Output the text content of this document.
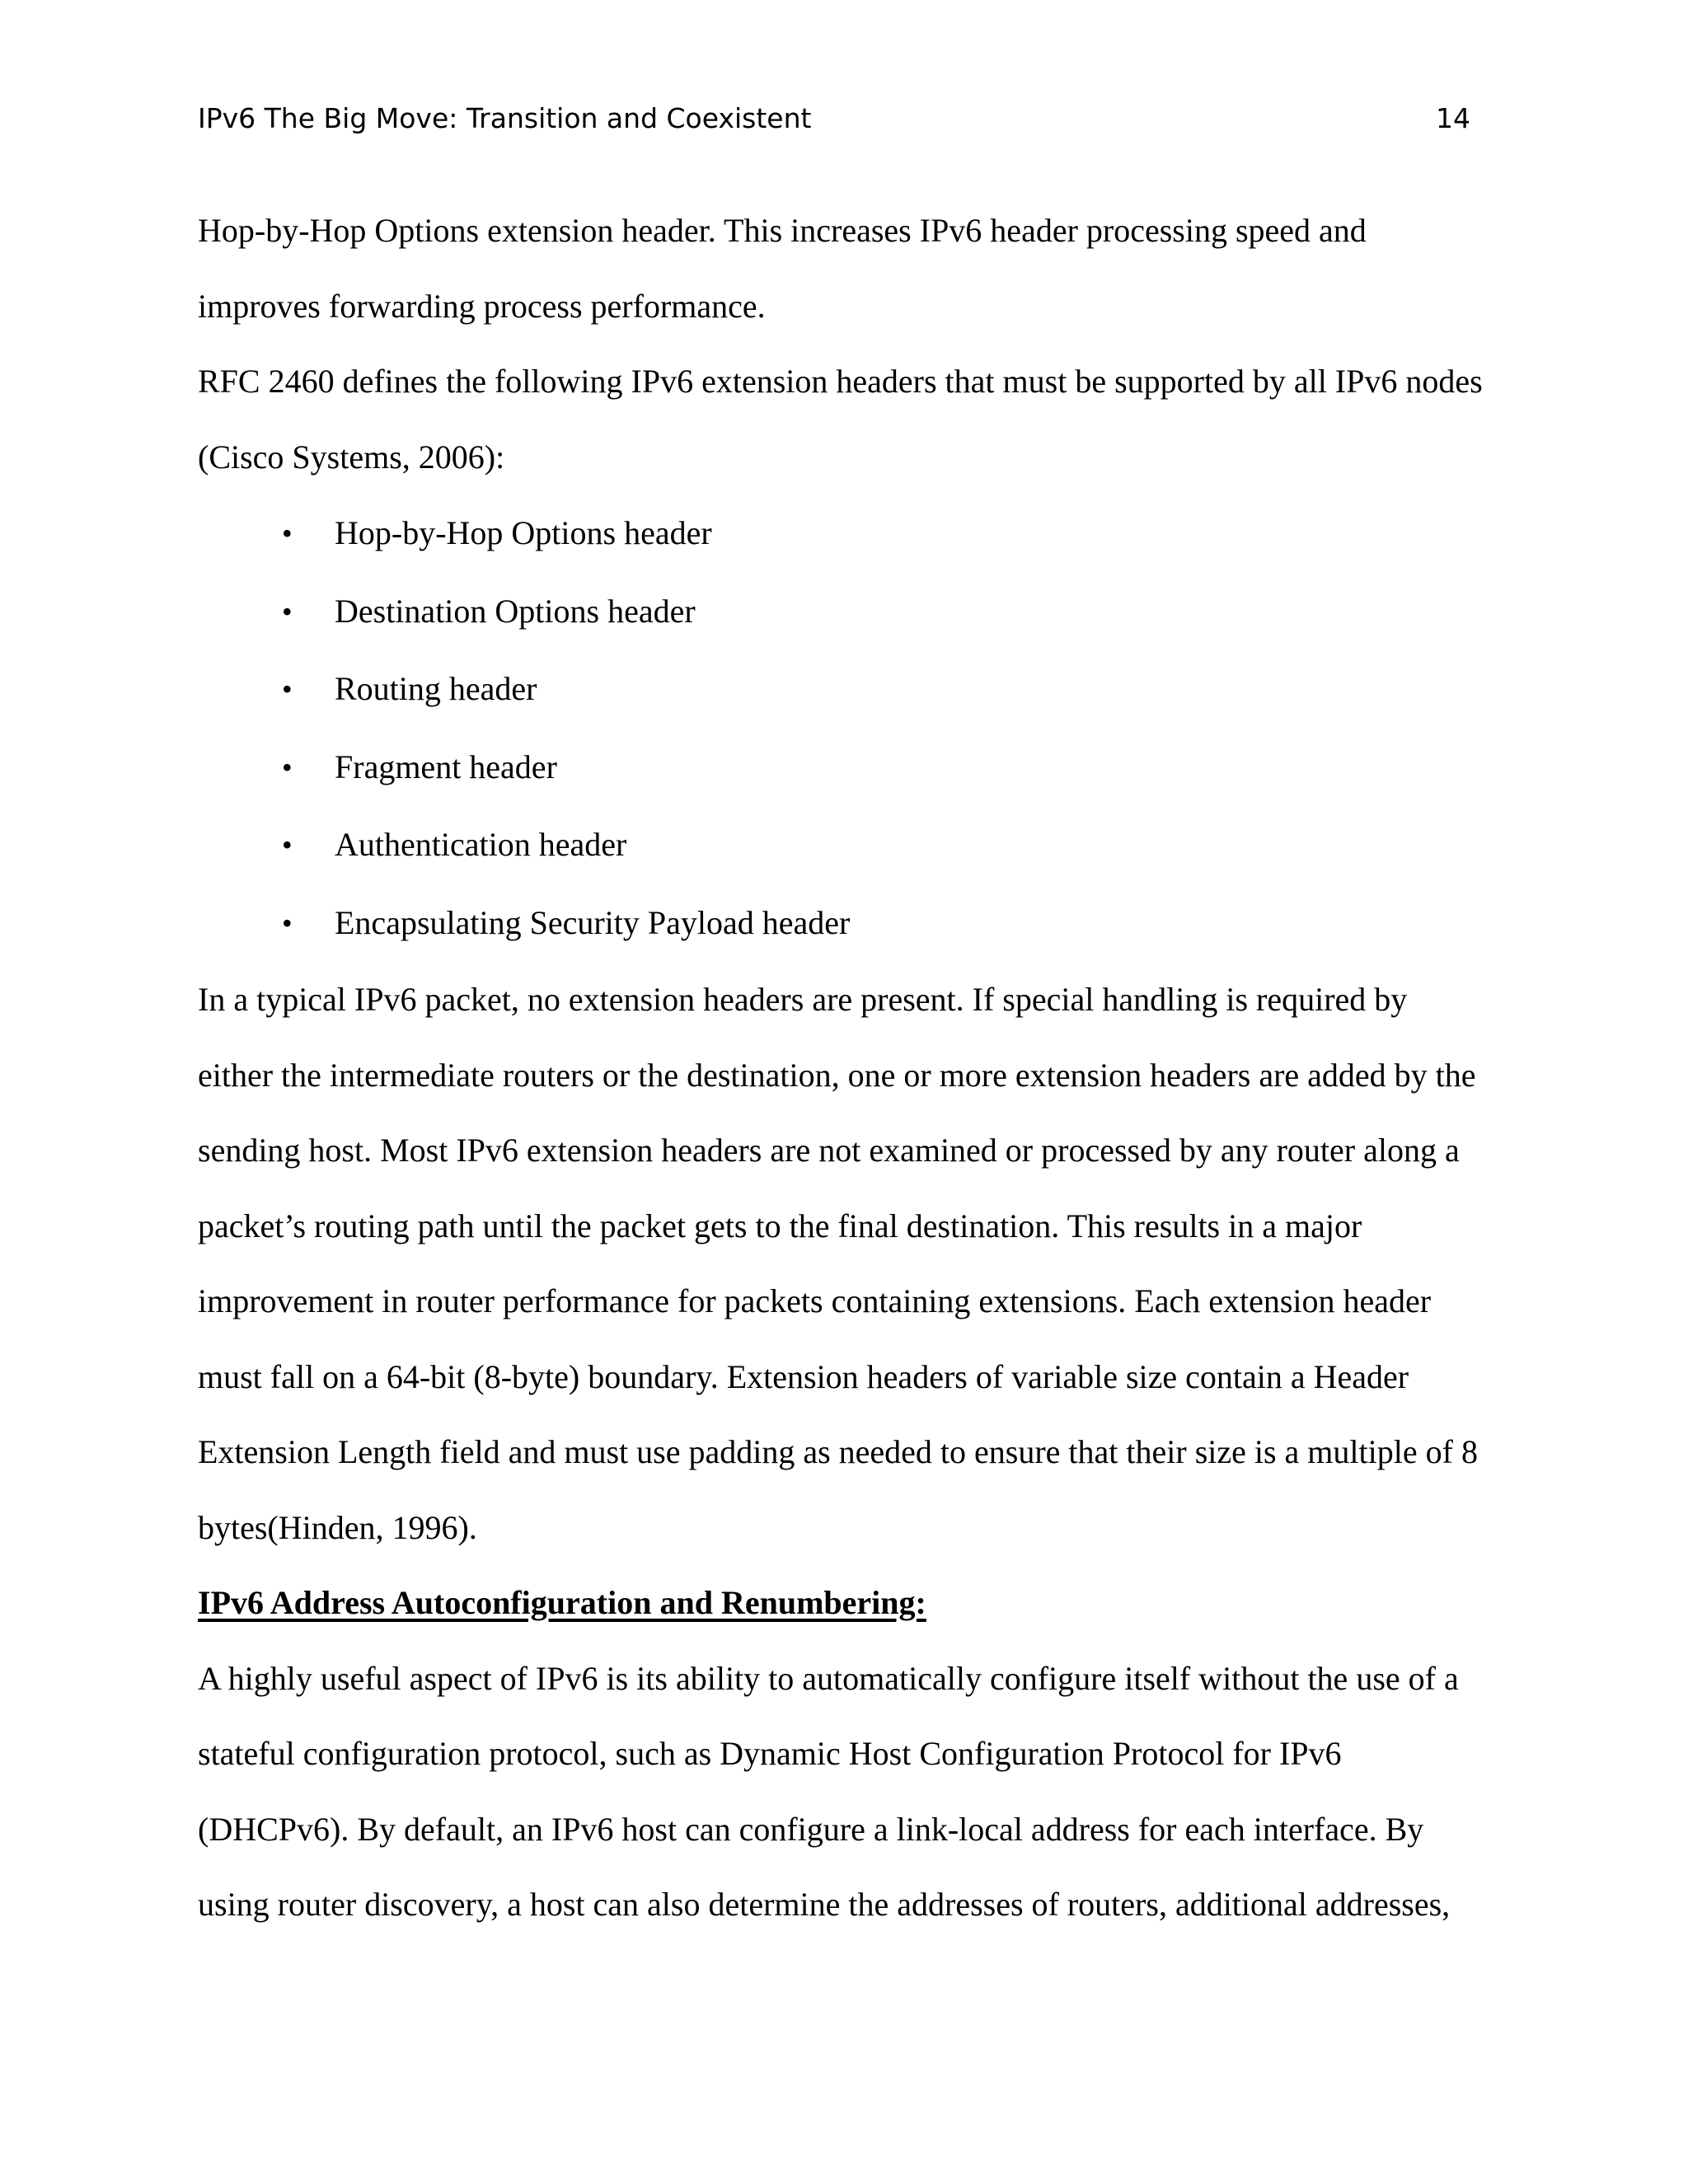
IPv6 The Big Move: Transition and Coexistent	14

Hop-by-Hop Options extension header. This increases IPv6 header processing speed and improves forwarding process performance.

RFC 2460 defines the following IPv6 extension headers that must be supported by all IPv6 nodes (Cisco Systems, 2006):

• Hop-by-Hop Options header
• Destination Options header
• Routing header
• Fragment header
• Authentication header
• Encapsulating Security Payload header

In a typical IPv6 packet, no extension headers are present. If special handling is required by either the intermediate routers or the destination, one or more extension headers are added by the sending host. Most IPv6 extension headers are not examined or processed by any router along a packet’s routing path until the packet gets to the final destination. This results in a major improvement in router performance for packets containing extensions. Each extension header must fall on a 64-bit (8-byte) boundary. Extension headers of variable size contain a Header Extension Length field and must use padding as needed to ensure that their size is a multiple of 8 bytes(Hinden, 1996).

IPv6 Address Autoconfiguration and Renumbering:

A highly useful aspect of IPv6 is its ability to automatically configure itself without the use of a stateful configuration protocol, such as Dynamic Host Configuration Protocol for IPv6 (DHCPv6). By default, an IPv6 host can configure a link-local address for each interface. By using router discovery, a host can also determine the addresses of routers, additional addresses,
